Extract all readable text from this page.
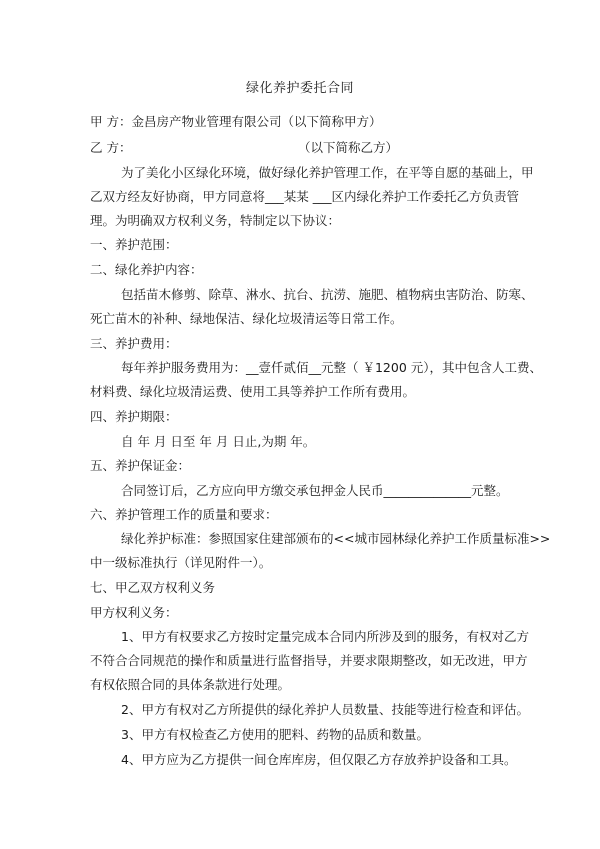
绿化养护委托合同
甲 方：金昌房产物业管理有限公司（以下简称甲方）
乙 方：	（以下简称乙方）
为了美化小区绿化环境，做好绿化养护管理工作，在平等自愿的基础上，甲
乙双方经友好协商，甲方同意将___某某 ___区内绿化养护工作委托乙方负责管
理。为明确双方权利义务，特制定以下协议：
一、养护范围：
二、绿化养护内容：
包括苗木修剪、除草、淋水、抗台、抗涝、施肥、植物病虫害防治、防寒、
死亡苗木的补种、绿地保洁、绿化垃圾清运等日常工作。
三、养护费用：
每年养护服务费用为：__壹仟贰佰__元整（ ￥1200 元），其中包含人工费、
材料费、绿化垃圾清运费、使用工具等养护工作所有费用。
四、养护期限：
自 年 月 日至 年 月 日止,为期 年。
五、养护保证金：
合同签订后，乙方应向甲方缴交承包押金人民币______________元整。
六、养护管理工作的质量和要求：
绿化养护标准：参照国家住建部颁布的<<城市园林绿化养护工作质量标准>>
中一级标准执行（详见附件一）。
七、甲乙双方权利义务
甲方权利义务：
1、甲方有权要求乙方按时定量完成本合同内所涉及到的服务，有权对乙方
不符合合同规范的操作和质量进行监督指导，并要求限期整改，如无改进，甲方
有权依照合同的具体条款进行处理。
2、甲方有权对乙方所提供的绿化养护人员数量、技能等进行检查和评估。
3、甲方有权检查乙方使用的肥料、药物的品质和数量。
4、甲方应为乙方提供一间仓库库房，但仅限乙方存放养护设备和工具。
